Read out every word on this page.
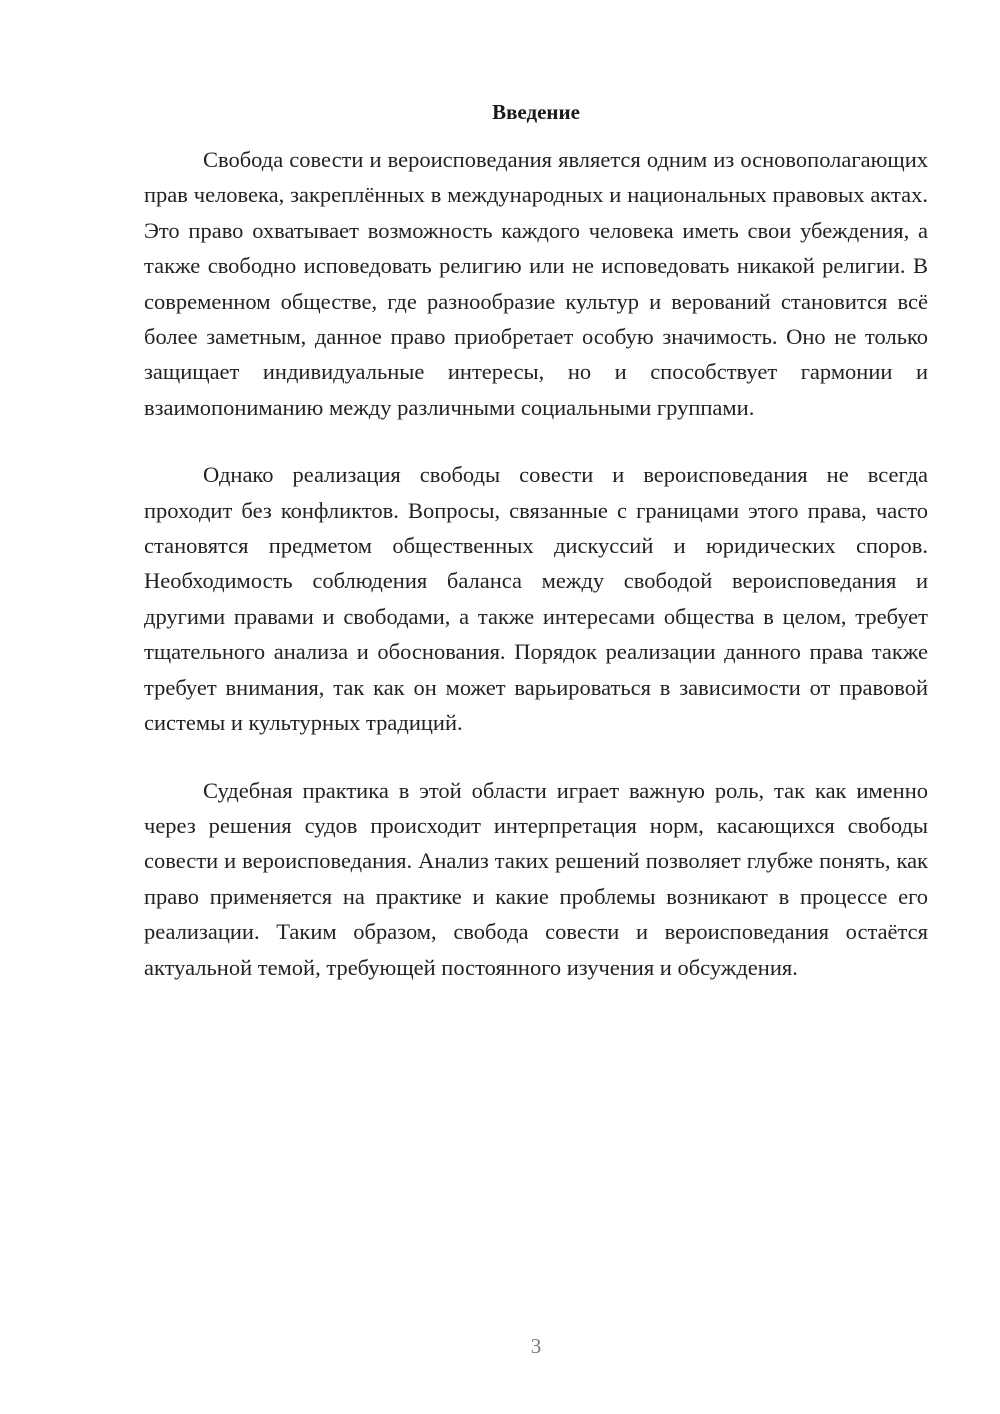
Введение

Свобода совести и вероисповедания является одним из основополагающих прав человека, закреплённых в международных и национальных правовых актах. Это право охватывает возможность каждого человека иметь свои убеждения, а также свободно исповедовать религию или не исповедовать никакой религии. В современном обществе, где разнообразие культур и верований становится всё более заметным, данное право приобретает особую значимость. Оно не только защищает индивидуальные интересы, но и способствует гармонии и взаимопониманию между различными социальными группами.

Однако реализация свободы совести и вероисповедания не всегда проходит без конфликтов. Вопросы, связанные с границами этого права, часто становятся предметом общественных дискуссий и юридических споров. Необходимость соблюдения баланса между свободой вероисповедания и другими правами и свободами, а также интересами общества в целом, требует тщательного анализа и обоснования. Порядок реализации данного права также требует внимания, так как он может варьироваться в зависимости от правовой системы и культурных традиций.

Судебная практика в этой области играет важную роль, так как именно через решения судов происходит интерпретация норм, касающихся свободы совести и вероисповедания. Анализ таких решений позволяет глубже понять, как право применяется на практике и какие проблемы возникают в процессе его реализации. Таким образом, свобода совести и вероисповедания остаётся актуальной темой, требующей постоянного изучения и обсуждения.

3
